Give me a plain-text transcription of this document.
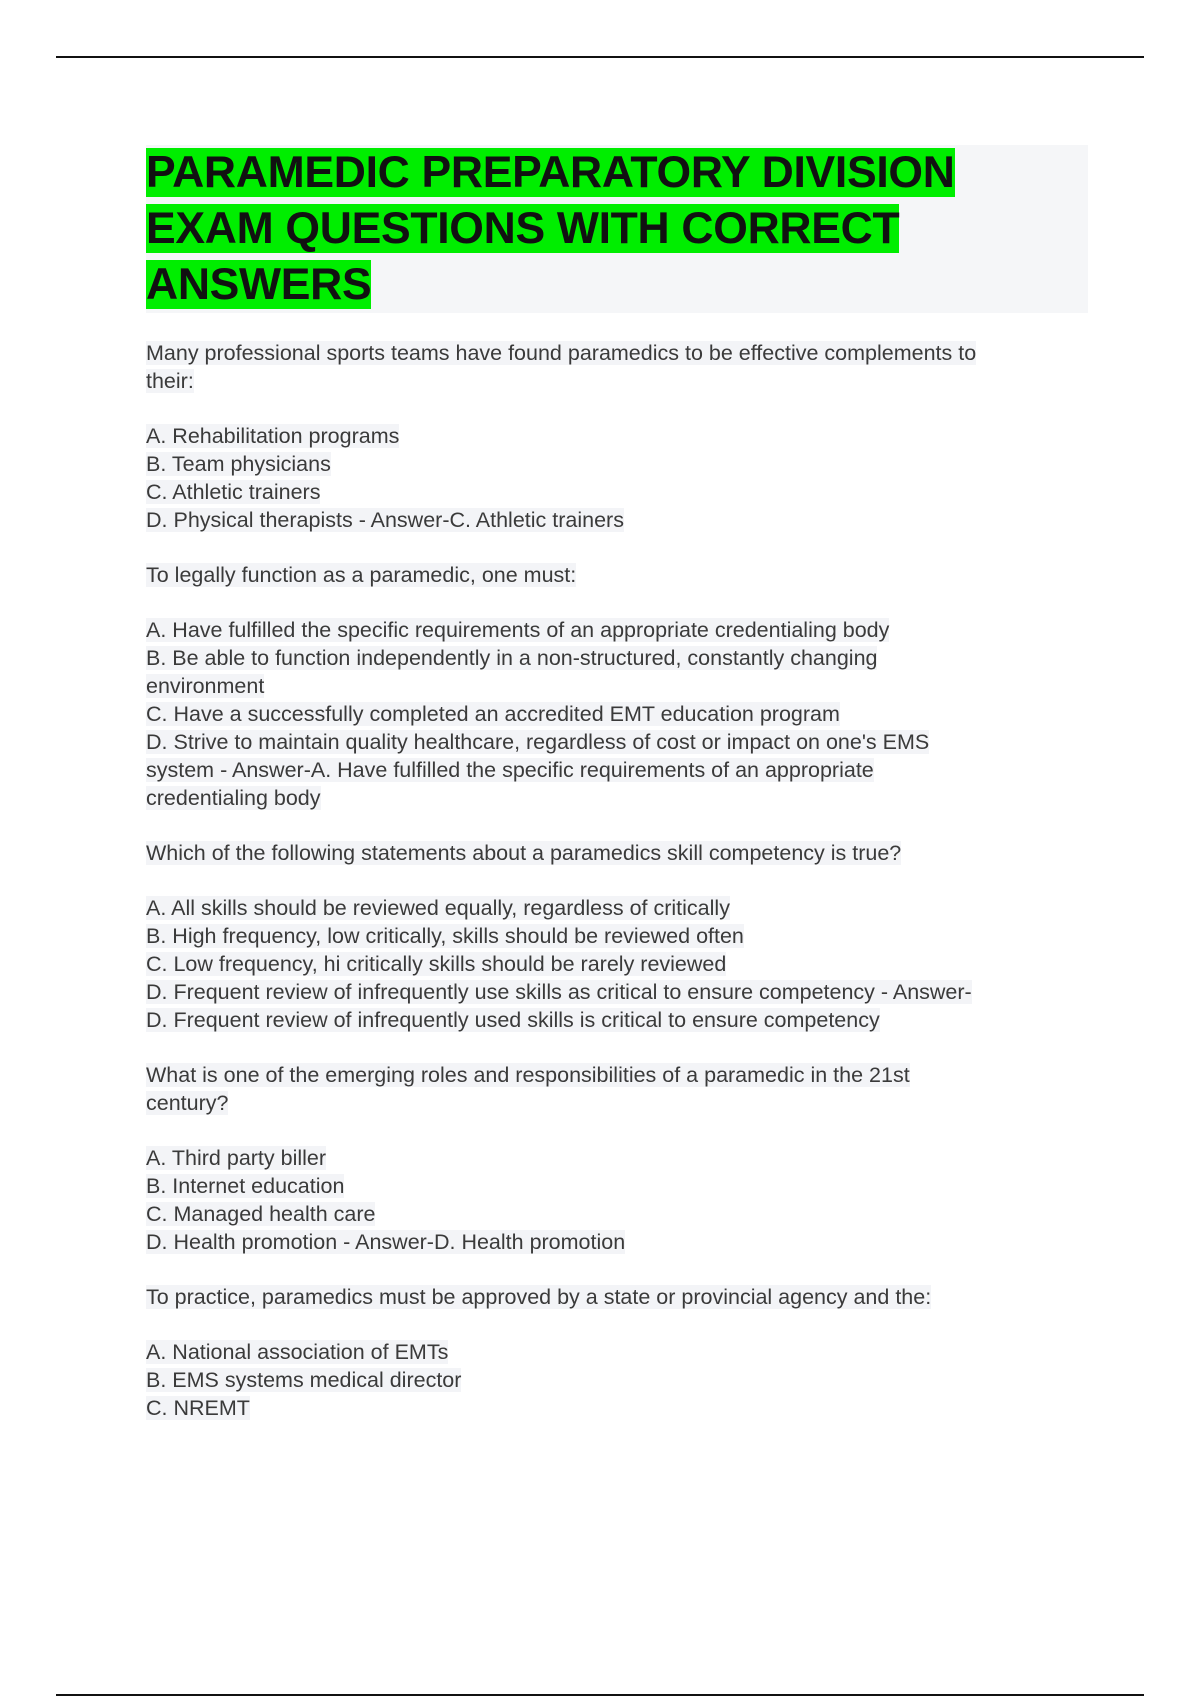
PARAMEDIC PREPARATORY DIVISION
EXAM QUESTIONS WITH CORRECT
ANSWERS

Many professional sports teams have found paramedics to be effective complements to

their:

A. Rehabilitation programs

B. Team physicians

C. Athletic trainers

D. Physical therapists - Answer-C. Athletic trainers

To legally function as a paramedic, one must:

A. Have fulfilled the specific requirements of an appropriate credentialing body

B. Be able to function independently in a non-structured, constantly changing

environment

C. Have a successfully completed an accredited EMT education program

D. Strive to maintain quality healthcare, regardless of cost or impact on one's EMS

system - Answer-A. Have fulfilled the specific requirements of an appropriate

credentialing body

Which of the following statements about a paramedics skill competency is true?

A. All skills should be reviewed equally, regardless of critically

B. High frequency, low critically, skills should be reviewed often

C. Low frequency, hi critically skills should be rarely reviewed

D. Frequent review of infrequently use skills as critical to ensure competency - Answer-

D. Frequent review of infrequently used skills is critical to ensure competency

What is one of the emerging roles and responsibilities of a paramedic in the 21st

century?

A. Third party biller

B. Internet education

C. Managed health care

D. Health promotion - Answer-D. Health promotion

To practice, paramedics must be approved by a state or provincial agency and the:

A. National association of EMTs

B. EMS systems medical director

C. NREMT
